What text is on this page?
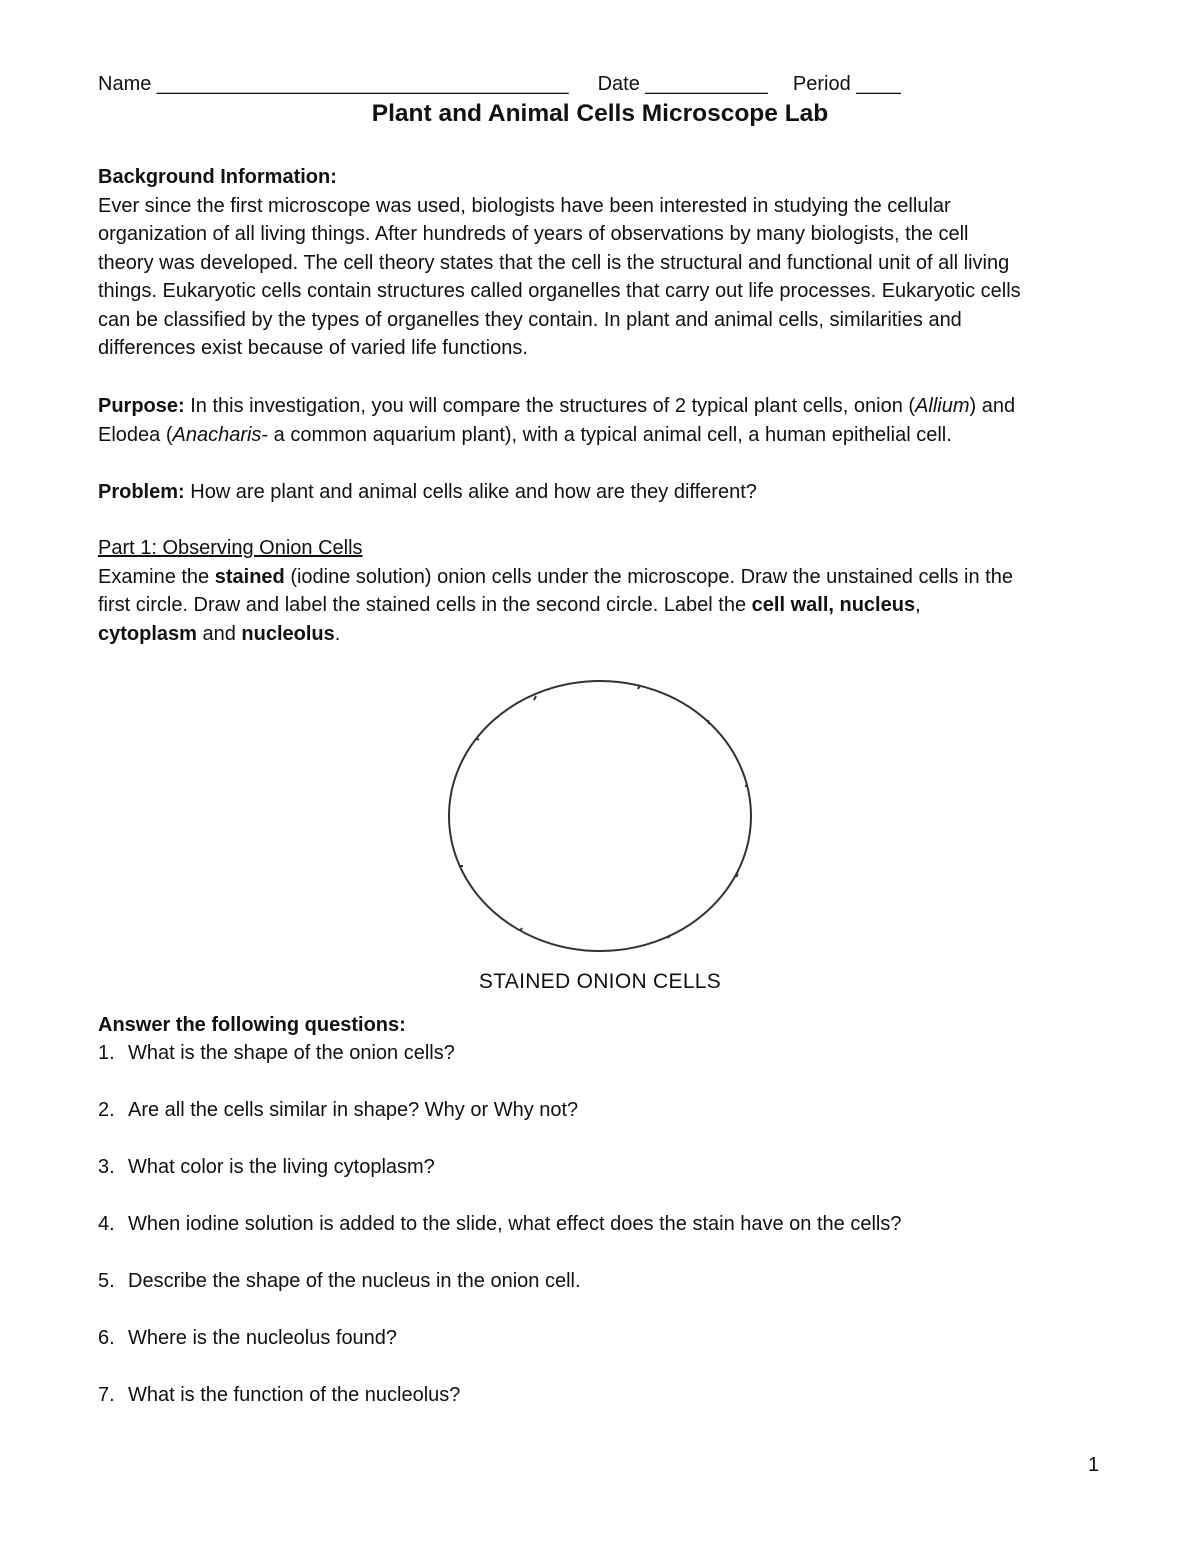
Name _____________________________________ Date ___________ Period ____
Plant and Animal Cells Microscope Lab
Background Information:
Ever since the first microscope was used, biologists have been interested in studying the cellular
organization of all living things. After hundreds of years of observations by many biologists, the cell
theory was developed. The cell theory states that the cell is the structural and functional unit of all living
things. Eukaryotic cells contain structures called organelles that carry out life processes. Eukaryotic cells
can be classified by the types of organelles they contain. In plant and animal cells, similarities and
differences exist because of varied life functions.
Purpose: In this investigation, you will compare the structures of 2 typical plant cells, onion (Allium) and
Elodea (Anacharis- a common aquarium plant), with a typical animal cell, a human epithelial cell.
Problem: How are plant and animal cells alike and how are they different?
Part 1: Observing Onion Cells
Examine the stained (iodine solution) onion cells under the microscope. Draw the unstained cells in the
first circle. Draw and label the stained cells in the second circle. Label the cell wall, nucleus,
cytoplasm and nucleolus.
STAINED ONION CELLS
Answer the following questions:
1. What is the shape of the onion cells?
2. Are all the cells similar in shape? Why or Why not?
3. What color is the living cytoplasm?
4. When iodine solution is added to the slide, what effect does the stain have on the cells?
5. Describe the shape of the nucleus in the onion cell.
6. Where is the nucleolus found?
7. What is the function of the nucleolus?
1
